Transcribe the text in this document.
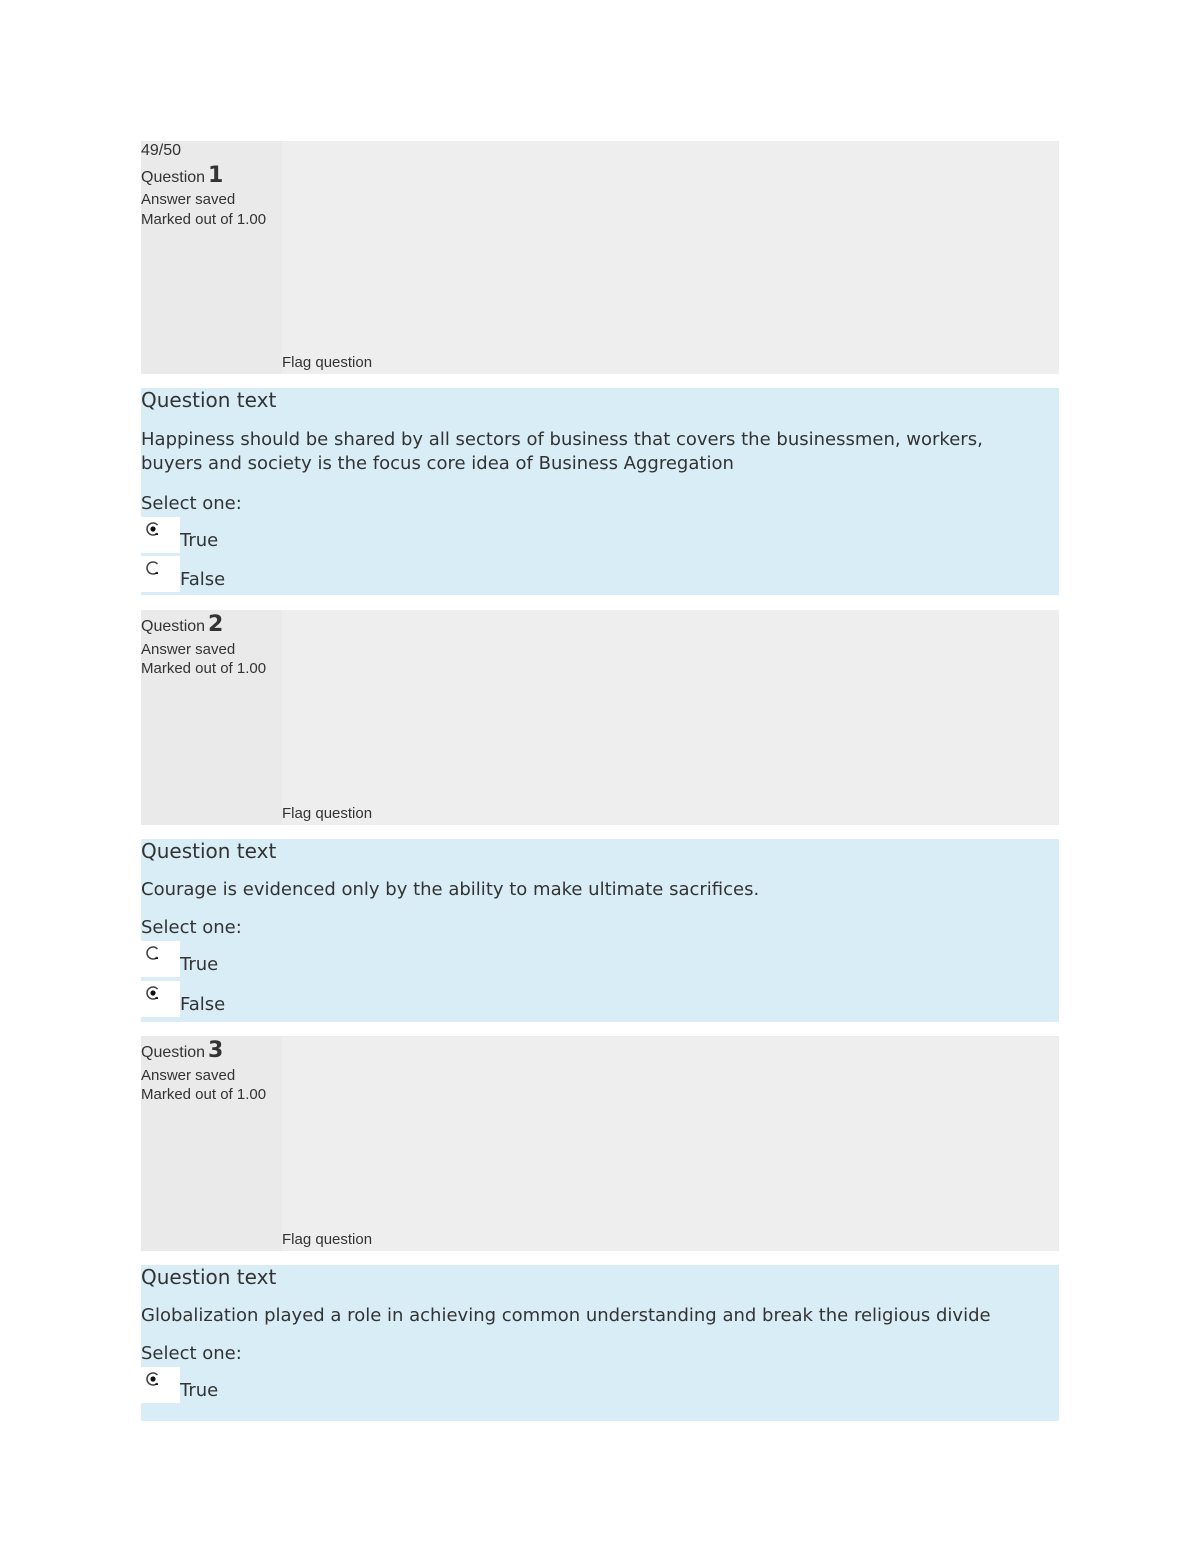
49/50
Question 1
Answer saved
Marked out of 1.00
Flag question
Question text
Happiness should be shared by all sectors of business that covers the businessmen, workers, buyers and society is the focus core idea of Business Aggregation
Select one:
True
False
Question 2
Answer saved
Marked out of 1.00
Flag question
Question text
Courage is evidenced only by the ability to make ultimate sacrifices.
Select one:
True
False
Question 3
Answer saved
Marked out of 1.00
Flag question
Question text
Globalization played a role in achieving common understanding and break the religious divide
Select one:
True
